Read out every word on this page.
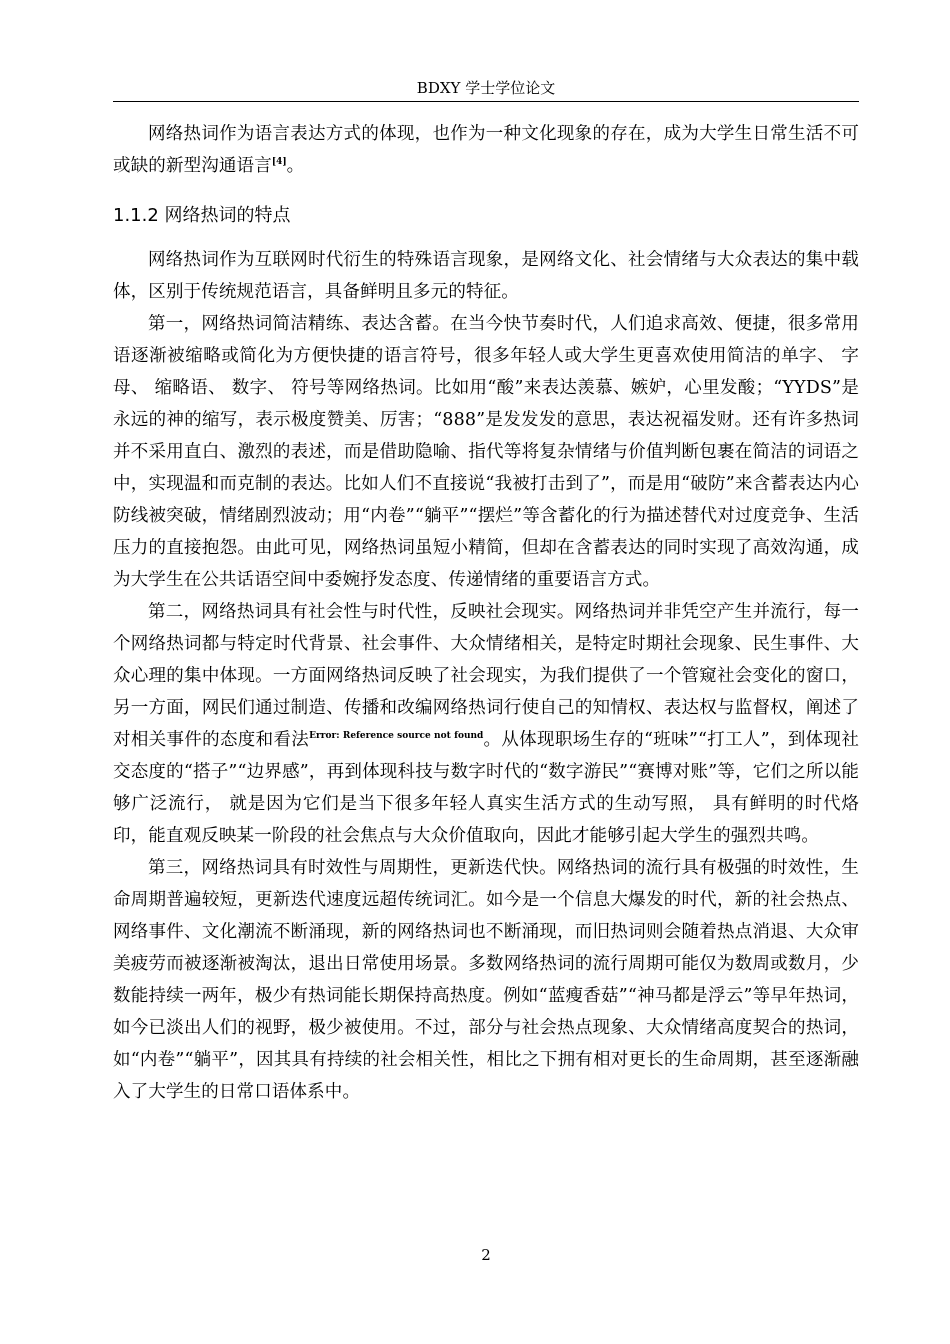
BDXY 学士学位论文

网络热词作为语言表达方式的体现，也作为一种文化现象的存在，成为大学生日常生活不可或缺的新型沟通语言[4]。

1.1.2 网络热词的特点

网络热词作为互联网时代衍生的特殊语言现象，是网络文化、社会情绪与大众表达的集中载体，区别于传统规范语言，具备鲜明且多元的特征。

第一，网络热词简洁精练、表达含蓄。在当今快节奏时代，人们追求高效、便捷，很多常用语逐渐被缩略或简化为方便快捷的语言符号，很多年轻人或大学生更喜欢使用简洁的单字、 字母、 缩略语、 数字、 符号等网络热词。比如用“酸”来表达羡慕、嫉妒，心里发酸；“YYDS”是永远的神的缩写，表示极度赞美、厉害；“888”是发发发的意思，表达祝福发财。还有许多热词并不采用直白、激烈的表述，而是借助隐喻、指代等将复杂情绪与价值判断包裹在简洁的词语之中，实现温和而克制的表达。比如人们不直接说“我被打击到了”，而是用“破防”来含蓄表达内心防线被突破，情绪剧烈波动；用“内卷”“躺平”“摆烂”等含蓄化的行为描述替代对过度竞争、生活压力的直接抱怨。由此可见，网络热词虽短小精简，但却在含蓄表达的同时实现了高效沟通，成为大学生在公共话语空间中委婉抒发态度、传递情绪的重要语言方式。

第二，网络热词具有社会性与时代性，反映社会现实。网络热词并非凭空产生并流行，每一个网络热词都与特定时代背景、社会事件、大众情绪相关，是特定时期社会现象、民生事件、大众心理的集中体现。一方面网络热词反映了社会现实，为我们提供了一个管窥社会变化的窗口，另一方面，网民们通过制造、传播和改编网络热词行使自己的知情权、表达权与监督权，阐述了对相关事件的态度和看法$^{Error: Reference source not found}$。从体现职场生存的“班味”“打工人”，到体现社交态度的“搭子”“边界感”，再到体现科技与数字时代的“数字游民”“赛博对账”等，它们之所以能够广泛流行， 就是因为它们是当下很多年轻人真实生活方式的生动写照， 具有鲜明的时代烙印，能直观反映某一阶段的社会焦点与大众价值取向，因此才能够引起大学生的强烈共鸣。

第三，网络热词具有时效性与周期性，更新迭代快。网络热词的流行具有极强的时效性，生命周期普遍较短，更新迭代速度远超传统词汇。如今是一个信息大爆发的时代，新的社会热点、网络事件、文化潮流不断涌现，新的网络热词也不断涌现，而旧热词则会随着热点消退、大众审美疲劳而被逐渐被淘汰，退出日常使用场景。多数网络热词的流行周期可能仅为数周或数月，少数能持续一两年，极少有热词能长期保持高热度。例如“蓝瘦香菇”“神马都是浮云”等早年热词，如今已淡出人们的视野，极少被使用。不过，部分与社会热点现象、大众情绪高度契合的热词，如“内卷”“躺平”，因其具有持续的社会相关性，相比之下拥有相对更长的生命周期，甚至逐渐融入了大学生的日常口语体系中。

2
